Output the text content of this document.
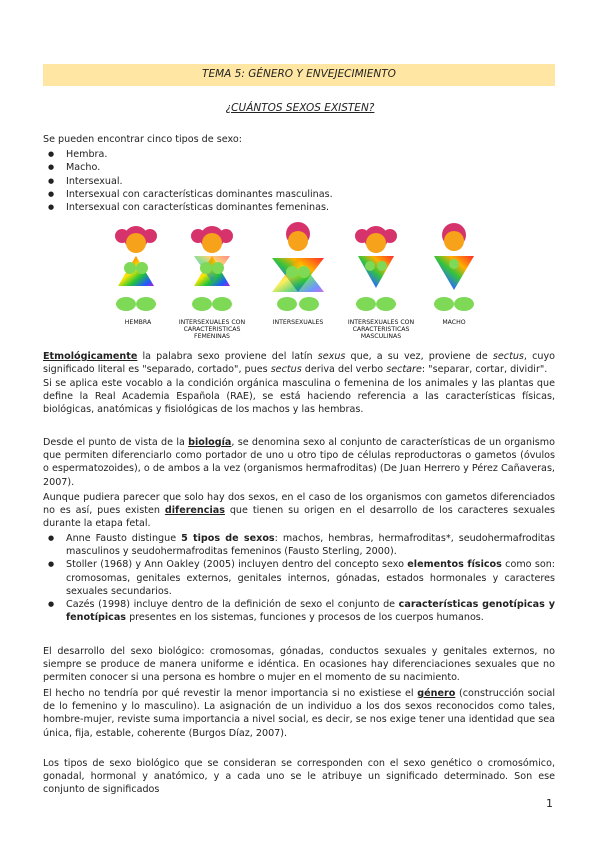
TEMA 5: GÉNERO Y ENVEJECIMIENTO
¿CUÁNTOS SEXOS EXISTEN?
Se pueden encontrar cinco tipos de sexo:
● Hembra.
● Macho.
● Intersexual.
● Intersexual con características dominantes masculinas.
● Intersexual con características dominantes femeninas.
HEMBRA	INTERSEXUALES CON CARACTERISTICAS FEMENINAS
INTERSEXUALES	INTERSEXUALES CON CARACTERISTICAS MASCULINAS
MACHO
Etmológicamente la palabra sexo proviene del latín sexus que, a su vez, proviene de sectus, cuyo significado literal es "separado, cortado", pues sectus deriva del verbo sectare: "separar, cortar, dividir".
Si se aplica este vocablo a la condición orgánica masculina o femenina de los animales y las plantas que define la Real Academia Española (RAE), se está haciendo referencia a las características físicas, biológicas, anatómicas y fisiológicas de los machos y las hembras.
Desde el punto de vista de la biología, se denomina sexo al conjunto de características de un organismo que permiten diferenciarlo como portador de uno u otro tipo de células reproductoras o gametos (óvulos o espermatozoides), o de ambos a la vez (organismos hermafroditas) (De Juan Herrero y Pérez Cañaveras, 2007).
Aunque pudiera parecer que solo hay dos sexos, en el caso de los organismos con gametos diferenciados no es así, pues existen diferencias que tienen su origen en el desarrollo de los caracteres sexuales durante la etapa fetal.
● Anne Fausto distingue 5 tipos de sexos: machos, hembras, hermafroditas*, seudohermafroditas masculinos y seudohermafroditas femeninos (Fausto Sterling, 2000).
● Stoller (1968) y Ann Oakley (2005) incluyen dentro del concepto sexo elementos físicos como son: cromosomas, genitales externos, genitales internos, gónadas, estados hormonales y caracteres sexuales secundarios.
● Cazés (1998) incluye dentro de la definición de sexo el conjunto de características genotípicas y fenotípicas presentes en los sistemas, funciones y procesos de los cuerpos humanos.
El desarrollo del sexo biológico: cromosomas, gónadas, conductos sexuales y genitales externos, no siempre se produce de manera uniforme e idéntica. En ocasiones hay diferenciaciones sexuales que no permiten conocer si una persona es hombre o mujer en el momento de su nacimiento.
El hecho no tendría por qué revestir la menor importancia si no existiese el género (construcción social de lo femenino y lo masculino). La asignación de un individuo a los dos sexos reconocidos como tales, hombre-mujer, reviste suma importancia a nivel social, es decir, se nos exige tener una identidad que sea única, fija, estable, coherente (Burgos Díaz, 2007).
Los tipos de sexo biológico que se consideran se corresponden con el sexo genético o cromosómico, gonadal, hormonal y anatómico, y a cada uno se le atribuye un significado determinado. Son ese conjunto de significados
1
